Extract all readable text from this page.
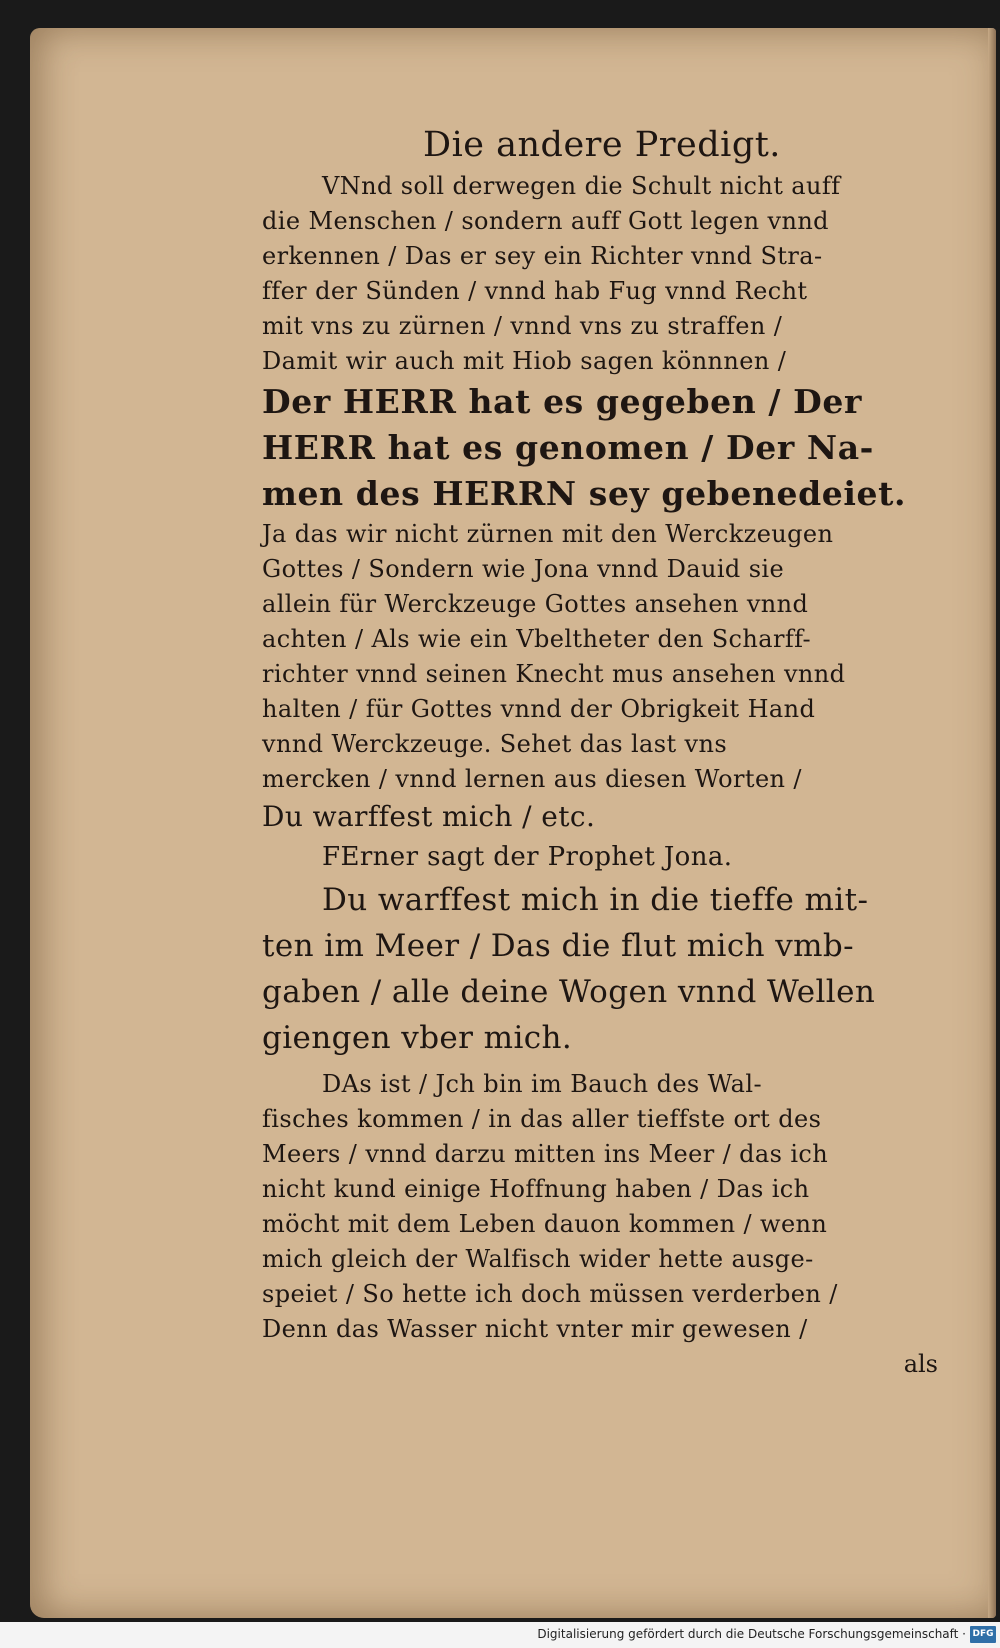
Die andere Predigt.
VNnd soll derwegen die Schult nicht auff
die Menschen / sondern auff Gott legen vnnd
erkennen / Das er sey ein Richter vnnd Stra-
ffer der Sünden / vnnd hab Fug vnnd Recht
mit vns zu zürnen / vnnd vns zu straffen /
Damit wir auch mit Hiob sagen könnnen /
Der HERR hat es gegeben / Der
HERR hat es genomen / Der Na-
men des HERRN sey gebenedeiet.
Ja das wir nicht zürnen mit den Werckzeugen
Gottes / Sondern wie Jona vnnd Dauid sie
allein für Werckzeuge Gottes ansehen vnnd
achten / Als wie ein Vbeltheter den Scharff-
richter vnnd seinen Knecht mus ansehen vnnd
halten / für Gottes vnnd der Obrigkeit Hand
vnnd Werckzeuge. Sehet das last vns
mercken / vnnd lernen aus diesen Worten /
Du warffest mich / etc.
FErner sagt der Prophet Jona.
Du warffest mich in die tieffe mit-
ten im Meer / Das die flut mich vmb-
gaben / alle deine Wogen vnnd Wellen
giengen vber mich.
DAs ist / Jch bin im Bauch des Wal-
fisches kommen / in das aller tieffste ort des
Meers / vnnd darzu mitten ins Meer / das ich
nicht kund einige Hoffnung haben / Das ich
möcht mit dem Leben dauon kommen / wenn
mich gleich der Walfisch wider hette ausge-
speiet / So hette ich doch müssen verderben /
Denn das Wasser nicht vnter mir gewesen /
als
Digitalisierung gefördert durch die Deutsche Forschungsgemeinschaft · DFG
